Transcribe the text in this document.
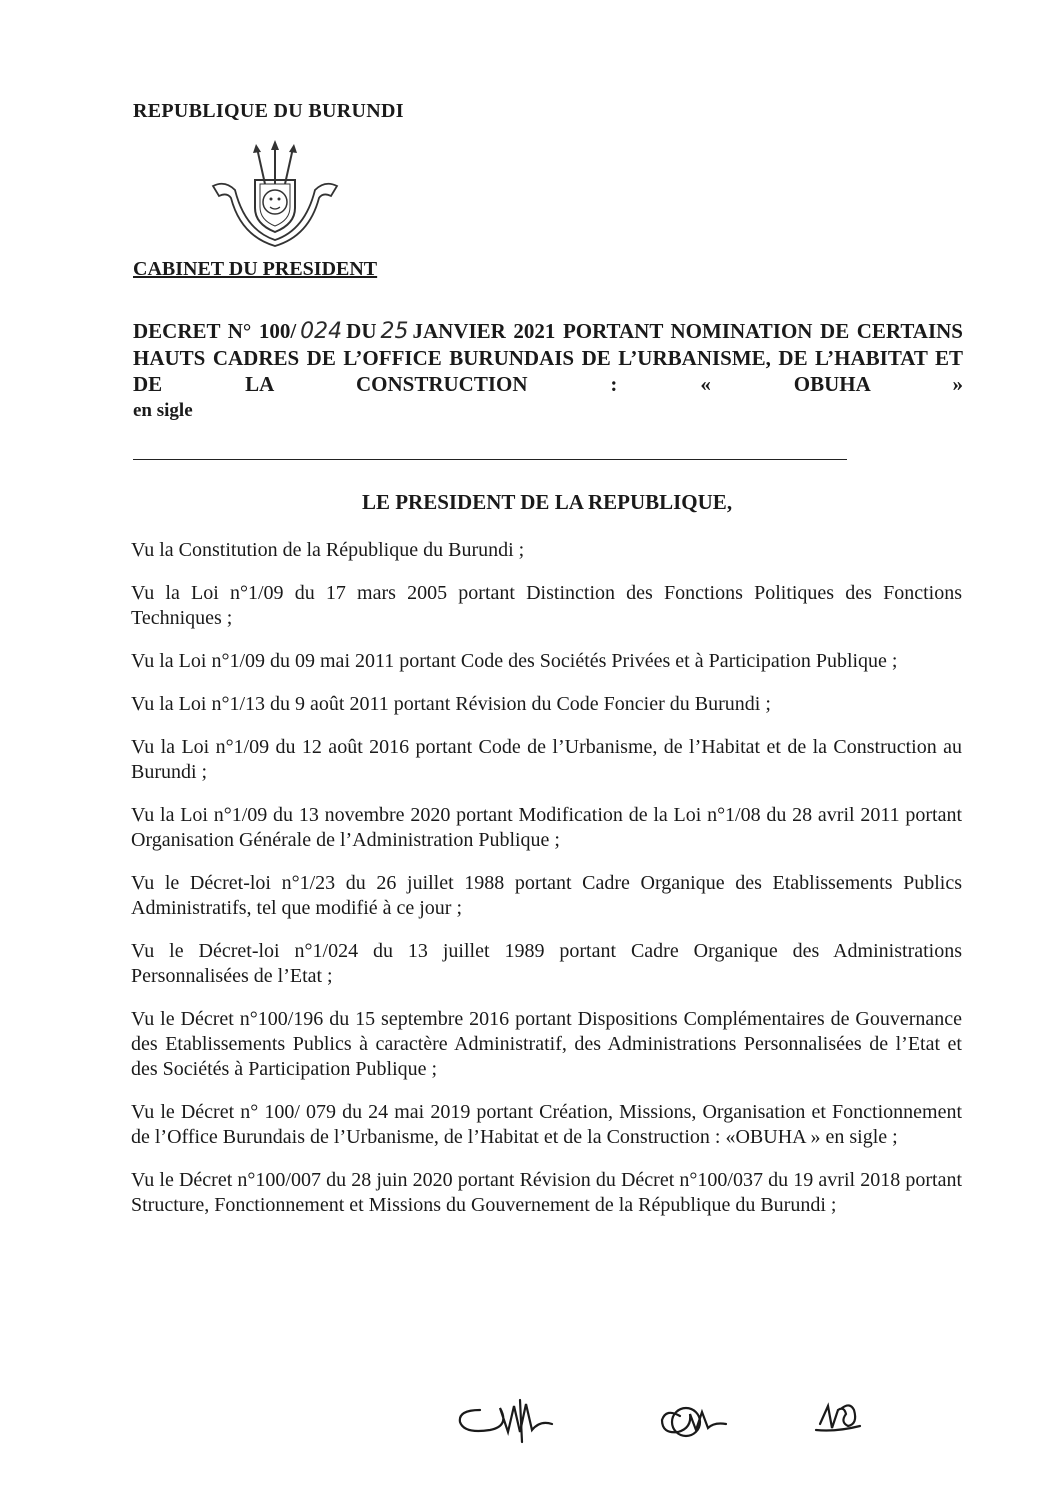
REPUBLIQUE DU BURUNDI
CABINET DU PRESIDENT
DECRET N° 100/ 024 DU 25 JANVIER 2021 PORTANT NOMINATION DE CERTAINS HAUTS CADRES DE L’OFFICE BURUNDAIS DE L’URBANISME, DE L’HABITAT ET DE LA CONSTRUCTION : « OBUHA »
en sigle
LE PRESIDENT DE LA REPUBLIQUE,

Vu la Constitution de la République du Burundi ;

Vu la Loi n°1/09 du 17 mars 2005 portant Distinction des Fonctions Politiques des Fonctions Techniques ;

Vu la Loi n°1/09 du 09 mai 2011 portant Code des Sociétés Privées et à Participation Publique ;

Vu la Loi n°1/13 du 9 août 2011 portant Révision du Code Foncier du Burundi ;

Vu la Loi n°1/09 du 12 août 2016 portant Code de l’Urbanisme, de l’Habitat et de la Construction au Burundi ;

Vu la Loi n°1/09 du 13 novembre 2020 portant Modification de la Loi n°1/08 du 28 avril 2011 portant Organisation Générale de l’Administration Publique ;

Vu le Décret-loi n°1/23 du 26 juillet 1988 portant Cadre Organique des Etablissements Publics Administratifs, tel que modifié à ce jour ;

Vu le Décret-loi n°1/024 du 13 juillet 1989 portant Cadre Organique des Administrations Personnalisées de l’Etat ;

Vu le Décret n°100/196 du 15 septembre 2016 portant Dispositions Complémentaires de Gouvernance des Etablissements Publics à caractère Administratif, des Administrations Personnalisées de l’Etat et des Sociétés à Participation Publique ;

Vu le Décret n° 100/ 079 du 24 mai 2019 portant Création, Missions, Organisation et Fonctionnement de l’Office Burundais de l’Urbanisme, de l’Habitat et de la Construction : «OBUHA » en sigle ;

Vu le Décret n°100/007 du 28 juin 2020 portant Révision du Décret n°100/037 du 19 avril 2018 portant Structure, Fonctionnement et Missions du Gouvernement de la République du Burundi ;
